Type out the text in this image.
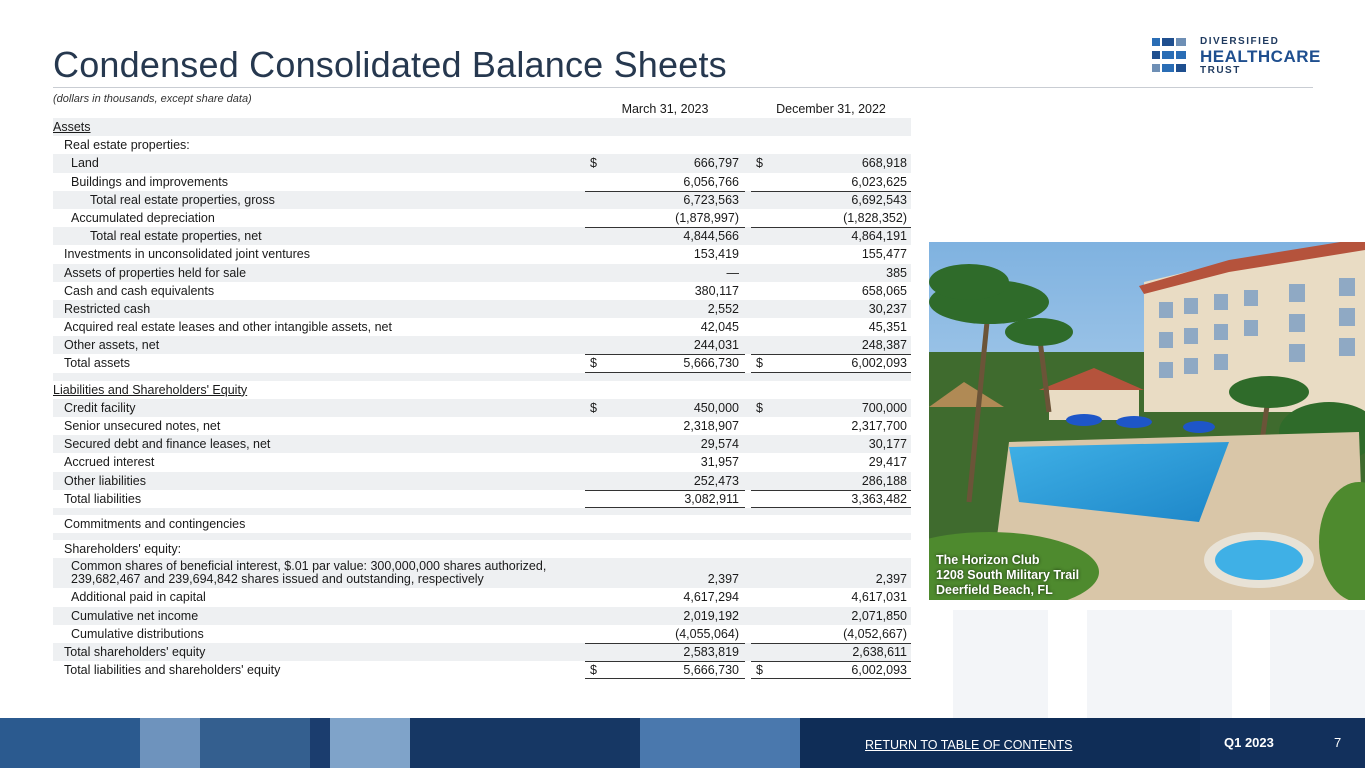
Condensed Consolidated Balance Sheets
(dollars in thousands, except share data)
DIVERSIFIED
HEALTHCARE
TRUST
March 31, 2023	December 31, 2022
Assets
Real estate properties:
Land	$	666,797 $	668,918
Buildings and improvements	6,056,766	6,023,625
Total real estate properties, gross	6,723,563	6,692,543
Accumulated depreciation	(1,878,997)	(1,828,352)
Total real estate properties, net	4,844,566	4,864,191
Investments in unconsolidated joint ventures	153,419	155,477
Assets of properties held for sale	—	385
Cash and cash equivalents	380,117	658,065
Restricted cash	2,552	30,237
Acquired real estate leases and other intangible assets, net	42,045	45,351
Other assets, net	244,031	248,387
Total assets	$	5,666,730 $	6,002,093
Liabilities and Shareholders' Equity
Credit facility	$	450,000 $	700,000
Senior unsecured notes, net	2,318,907	2,317,700
Secured debt and finance leases, net	29,574	30,177
Accrued interest	31,957	29,417
Other liabilities	252,473	286,188
Total liabilities	3,082,911	3,363,482
Commitments and contingencies
Shareholders' equity:
Common shares of beneficial interest, $.01 par value: 300,000,000 shares authorized,
239,682,467 and 239,694,842 shares issued and outstanding, respectively	2,397	2,397
Additional paid in capital	4,617,294	4,617,031
Cumulative net income	2,019,192	2,071,850
Cumulative distributions	(4,055,064)	(4,052,667)
Total shareholders' equity	2,583,819	2,638,611
Total liabilities and shareholders' equity	$	5,666,730 $	6,002,093
The Horizon Club
1208 South Military Trail
Deerfield Beach, FL
RETURN TO TABLE OF CONTENTS	Q1 2023	7
